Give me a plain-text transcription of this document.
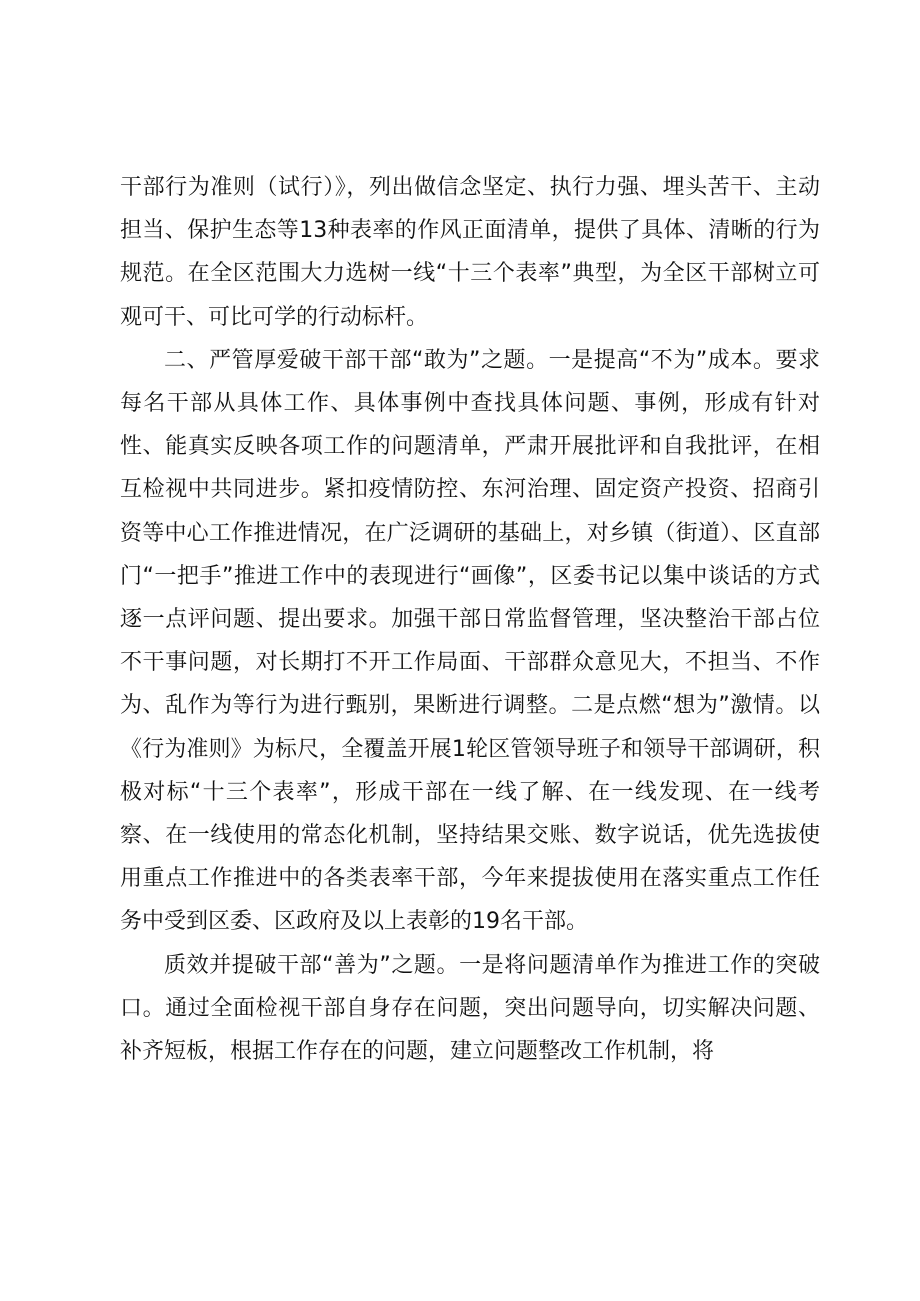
干部行为准则（试行）》，列出做信念坚定、执行力强、埋头苦干、主动担当、保护生态等13种表率的作风正面清单，提供了具体、清晰的行为规范。在全区范围大力选树一线“十三个表率”典型，为全区干部树立可观可干、可比可学的行动标杆。

二、严管厚爱破干部干部“敢为”之题。一是提高“不为”成本。要求每名干部从具体工作、具体事例中查找具体问题、事例，形成有针对性、能真实反映各项工作的问题清单，严肃开展批评和自我批评，在相互检视中共同进步。紧扣疫情防控、东河治理、固定资产投资、招商引资等中心工作推进情况，在广泛调研的基础上，对乡镇（街道）、区直部门“一把手”推进工作中的表现进行“画像”，区委书记以集中谈话的方式逐一点评问题、提出要求。加强干部日常监督管理，坚决整治干部占位不干事问题，对长期打不开工作局面、干部群众意见大，不担当、不作为、乱作为等行为进行甄别，果断进行调整。二是点燃“想为”激情。以《行为准则》为标尺，全覆盖开展1轮区管领导班子和领导干部调研，积极对标“十三个表率”，形成干部在一线了解、在一线发现、在一线考察、在一线使用的常态化机制，坚持结果交账、数字说话，优先选拔使用重点工作推进中的各类表率干部，今年来提拔使用在落实重点工作任务中受到区委、区政府及以上表彰的19名干部。

质效并提破干部“善为”之题。一是将问题清单作为推进工作的突破口。通过全面检视干部自身存在问题，突出问题导向，切实解决问题、补齐短板，根据工作存在的问题，建立问题整改工作机制，将
